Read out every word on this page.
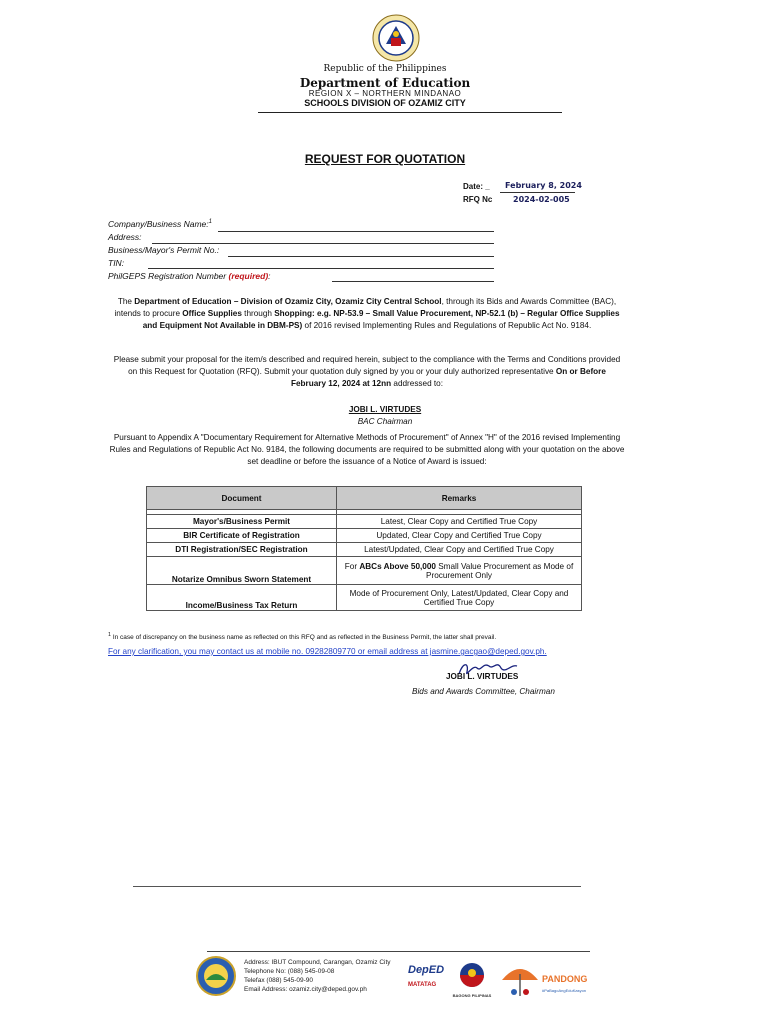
Republic of the Philippines
Department of Education
REGION X – NORTHERN MINDANAO
SCHOOLS DIVISION OF OZAMIZ CITY
REQUEST FOR QUOTATION
Date: _ February 8, 2024
RFQ Nc	2024-02-005
Company/Business Name:$^1$
Address:
Business/Mayor's Permit No.:
TIN:
PhilGEPS Registration Number (required):
The Department of Education – Division of Ozamiz City, Ozamiz City Central School, through its Bids and Awards Committee (BAC), intends to procure Office Supplies through Shopping: e.g. NP-53.9 – Small Value Procurement, NP-52.1 (b) – Regular Office Supplies and Equipment Not Available in DBM-PS) of 2016 revised Implementing Rules and Regulations of Republic Act No. 9184.
Please submit your proposal for the item/s described and required herein, subject to the compliance with the Terms and Conditions provided on this Request for Quotation (RFQ). Submit your quotation duly signed by you or your duly authorized representative On or Before February 12, 2024 at 12nn addressed to:
JOBI L. VIRTUDES
BAC Chairman
Pursuant to Appendix A "Documentary Requirement for Alternative Methods of Procurement" of Annex "H" of the 2016 revised Implementing Rules and Regulations of Republic Act No. 9184, the following documents are required to be submitted along with your quotation on the above set deadline or before the issuance of a Notice of Award is issued:
Document	Remarks

Mayor's/Business Permit	Latest, Clear Copy and Certified True Copy
BIR Certificate of Registration	Updated, Clear Copy and Certified True Copy
DTI Registration/SEC Registration	Latest/Updated, Clear Copy and Certified True Copy
Notarize Omnibus Sworn Statement	For ABCs Above 50,000 Small Value Procurement as Mode of Procurement Only
Income/Business Tax Return	Mode of Procurement Only, Latest/Updated, Clear Copy and Certified True Copy
$^1$ In case of discrepancy on the business name as reflected on this RFQ and as reflected in the Business Permit, the latter shall prevail.
For any clarification, you may contact us at mobile no. 09282809770 or email address at jasmine.gacgao@deped.gov.ph.
JOBI L. VIRTUDES
Bids and Awards Committee, Chairman
Address: IBUT Compound, Carangan, Ozamiz City
Telephone No: (088) 545-09-08
Telefax (088) 545-09-90
Email Address: ozamiz.city@deped.gov.ph
DepED
MATATAG
BAGONG PILIPINAS
PANDONG
#PaBagoAngEduKasyon
